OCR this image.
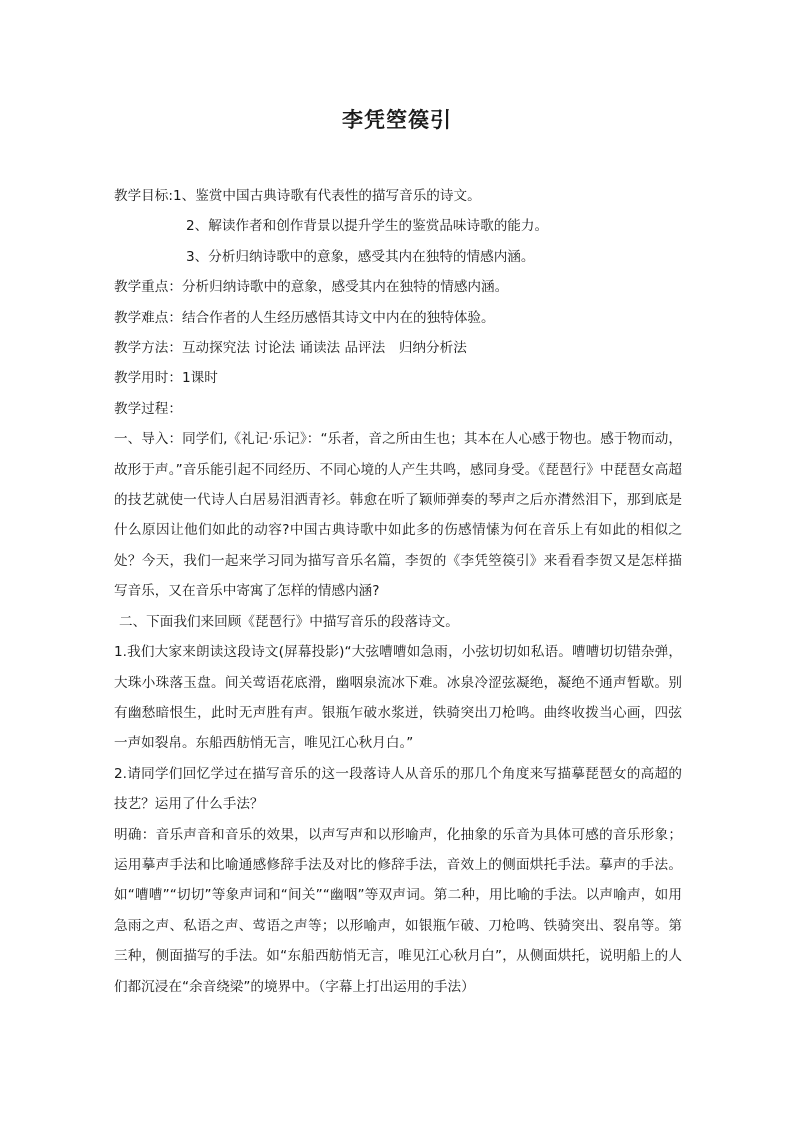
李凭箜篌引

教学目标:1、鉴赏中国古典诗歌有代表性的描写音乐的诗文。

2、解读作者和创作背景以提升学生的鉴赏品味诗歌的能力。

3、分析归纳诗歌中的意象，感受其内在独特的情感内涵。

教学重点：分析归纳诗歌中的意象，感受其内在独特的情感内涵。

教学难点：结合作者的人生经历感悟其诗文中内在的独特体验。

教学方法：互动探究法 讨论法 诵读法 品评法　归纳分析法

教学用时：1课时

教学过程：

一、导入：同学们,《礼记·乐记》：“乐者，音之所由生也；其本在人心感于物也。感于物而动，故形于声。”音乐能引起不同经历、不同心境的人产生共鸣，感同身受。《琵琶行》中琵琶女高超的技艺就使一代诗人白居易泪洒青衫。韩愈在听了颖师弹奏的琴声之后亦潸然泪下，那到底是什么原因让他们如此的动容?中国古典诗歌中如此多的伤感情愫为何在音乐上有如此的相似之处？今天，我们一起来学习同为描写音乐名篇，李贺的《李凭箜篌引》来看看李贺又是怎样描写音乐，又在音乐中寄寓了怎样的情感内涵?

二、下面我们来回顾《琵琶行》中描写音乐的段落诗文。

1.我们大家来朗读这段诗文(屏幕投影)“大弦嘈嘈如急雨，小弦切切如私语。嘈嘈切切错杂弹，大珠小珠落玉盘。间关莺语花底滑，幽咽泉流冰下难。冰泉冷涩弦凝绝，凝绝不通声暂歇。别有幽愁暗恨生，此时无声胜有声。银瓶乍破水浆迸，铁骑突出刀枪鸣。曲终收拨当心画，四弦一声如裂帛。东船西舫悄无言，唯见江心秋月白。”

2.请同学们回忆学过在描写音乐的这一段落诗人从音乐的那几个角度来写描摹琵琶女的高超的技艺？运用了什么手法？

明确：音乐声音和音乐的效果，以声写声和以形喻声，化抽象的乐音为具体可感的音乐形象；运用摹声手法和比喻通感修辞手法及对比的修辞手法，音效上的侧面烘托手法。摹声的手法。如“嘈嘈”“切切”等象声词和“间关”“幽咽”等双声词。第二种，用比喻的手法。以声喻声，如用急雨之声、私语之声、莺语之声等；以形喻声，如银瓶乍破、刀枪鸣、铁骑突出、裂帛等。第三种，侧面描写的手法。如“东船西舫悄无言，唯见江心秋月白”，从侧面烘托，说明船上的人们都沉浸在“余音绕梁”的境界中。（字幕上打出运用的手法）
